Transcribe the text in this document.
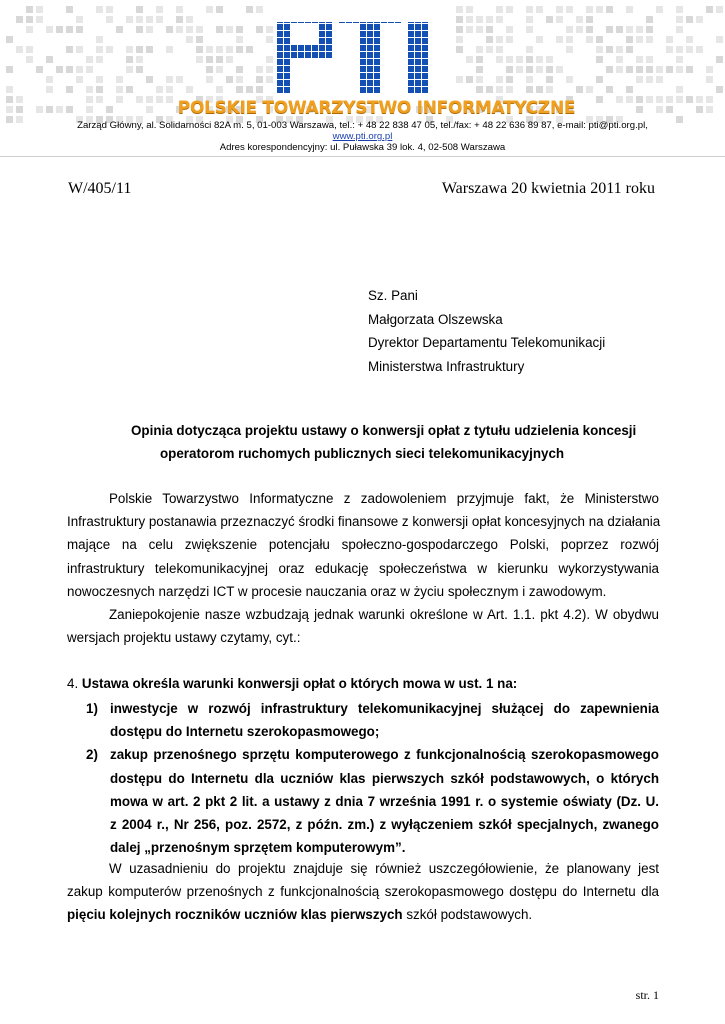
POLSKIE TOWARZYSTWO INFORMATYCZNE
Zarząd Główny, al. Solidarności 82A m. 5, 01-003 Warszawa, tel.: + 48 22 838 47 05, tel./fax: + 48 22 636 89 87, e-mail: pti@pti.org.pl,
www.pti.org.pl
Adres korespondencyjny: ul. Puławska 39 lok. 4, 02-508 Warszawa
W/405/11	Warszawa 20 kwietnia 2011 roku
Sz. Pani
Małgorzata Olszewska
Dyrektor Departamentu Telekomunikacji
Ministerstwa Infrastruktury
Opinia dotycząca projektu ustawy o konwersji opłat z tytułu udzielenia koncesji
operatorom ruchomych publicznych sieci telekomunikacyjnych
Polskie Towarzystwo Informatyczne z zadowoleniem przyjmuje fakt, że Ministerstwo
Infrastruktury postanawia przeznaczyć środki finansowe z konwersji opłat koncesyjnych na działania
mające na celu zwiększenie potencjału społeczno-gospodarczego Polski, poprzez rozwój
infrastruktury telekomunikacyjnej oraz edukację społeczeństwa w kierunku wykorzystywania
nowoczesnych narzędzi ICT w procesie nauczania oraz w życiu społecznym i zawodowym.
Zaniepokojenie nasze wzbudzają jednak warunki określone w Art. 1.1. pkt 4.2). W obydwu
wersjach projektu ustawy czytamy, cyt.:
4. Ustawa określa warunki konwersji opłat o których mowa w ust. 1 na:
1) inwestycje w rozwój infrastruktury telekomunikacyjnej służącej do zapewnienia
dostępu do Internetu szerokopasmowego;
2) zakup przenośnego sprzętu komputerowego z funkcjonalnością szerokopasmowego
dostępu do Internetu dla uczniów klas pierwszych szkół podstawowych, o których
mowa w art. 2 pkt 2 lit. a ustawy z dnia 7 września 1991 r. o systemie oświaty (Dz. U.
z 2004 r., Nr 256, poz. 2572, z późn. zm.) z wyłączeniem szkół specjalnych, zwanego
dalej „przenośnym sprzętem komputerowym”.
W uzasadnieniu do projektu znajduje się również uszczegółowienie, że planowany jest
zakup komputerów przenośnych z funkcjonalnością szerokopasmowego dostępu do Internetu dla
pięciu kolejnych roczników uczniów klas pierwszych szkół podstawowych.
str. 1
